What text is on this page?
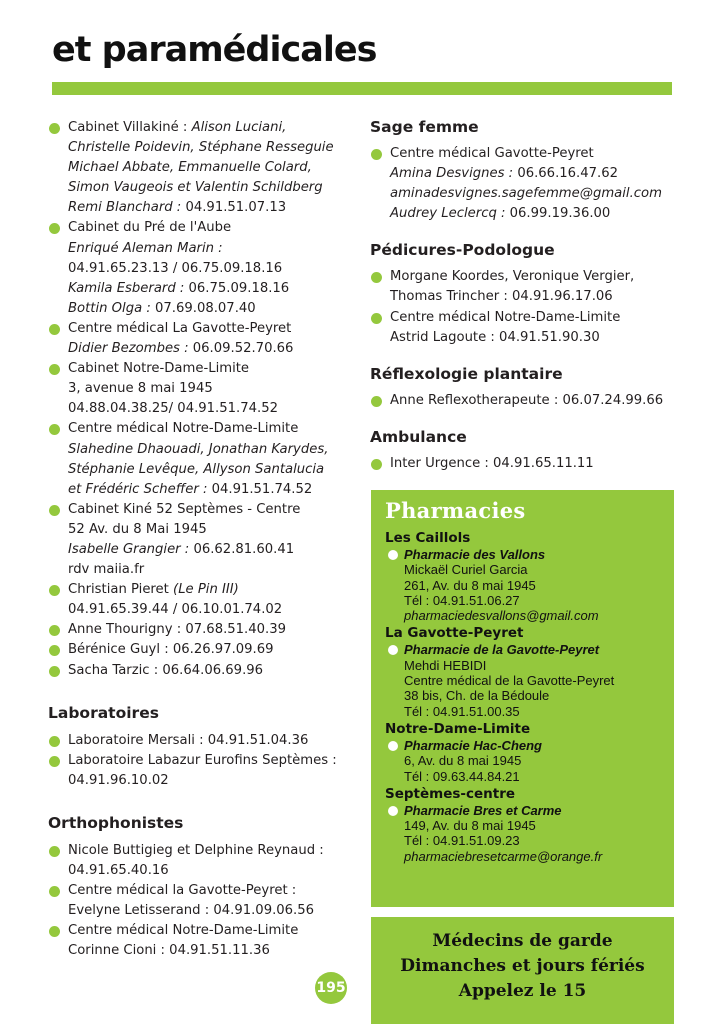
et paramédicales
Cabinet Villakiné : Alison Luciani,
Christelle Poidevin, Stéphane Resseguie
Michael Abbate, Emmanuelle Colard,
Simon Vaugeois et Valentin Schildberg
Remi Blanchard : 04.91.51.07.13
Cabinet du Pré de l'Aube
Enriqué Aleman Marin :
04.91.65.23.13 / 06.75.09.18.16
Kamila Esberard : 06.75.09.18.16
Bottin Olga : 07.69.08.07.40
Centre médical La Gavotte-Peyret
Didier Bezombes : 06.09.52.70.66
Cabinet Notre-Dame-Limite
3, avenue 8 mai 1945
04.88.04.38.25/ 04.91.51.74.52
Centre médical Notre-Dame-Limite
Slahedine Dhaouadi, Jonathan Karydes,
Stéphanie Levêque, Allyson Santalucia
et Frédéric Scheffer : 04.91.51.74.52
Cabinet Kiné 52 Septèmes - Centre
52 Av. du 8 Mai 1945
Isabelle Grangier : 06.62.81.60.41
rdv maiia.fr
Christian Pieret (Le Pin III)
04.91.65.39.44 / 06.10.01.74.02
Anne Thourigny : 07.68.51.40.39
Bérénice Guyl : 06.26.97.09.69
Sacha Tarzic : 06.64.06.69.96
Laboratoires
Laboratoire Mersali : 04.91.51.04.36
Laboratoire Labazur Eurofins Septèmes :
04.91.96.10.02
Orthophonistes
Nicole Buttigieg et Delphine Reynaud :
04.91.65.40.16
Centre médical la Gavotte-Peyret :
Evelyne Letisserand : 04.91.09.06.56
Centre médical Notre-Dame-Limite
Corinne Cioni : 04.91.51.11.36
Sage femme
Centre médical Gavotte-Peyret
Amina Desvignes : 06.66.16.47.62
aminadesvignes.sagefemme@gmail.com
Audrey Leclercq : 06.99.19.36.00
Pédicures-Podologue
Morgane Koordes, Veronique Vergier,
Thomas Trincher : 04.91.96.17.06
Centre médical Notre-Dame-Limite
Astrid Lagoute : 04.91.51.90.30
Réflexologie plantaire
Anne Reflexotherapeute : 06.07.24.99.66
Ambulance
Inter Urgence : 04.91.65.11.11
Pharmacies
Les Caillols
Pharmacie des Vallons
Mickaël Curiel Garcia
261, Av. du 8 mai 1945
Tél : 04.91.51.06.27
pharmaciedesvallons@gmail.com
La Gavotte-Peyret
Pharmacie de la Gavotte-Peyret
Mehdi HEBIDI
Centre médical de la Gavotte-Peyret
38 bis, Ch. de la Bédoule
Tél : 04.91.51.00.35
Notre-Dame-Limite
Pharmacie Hac-Cheng
6, Av. du 8 mai 1945
Tél : 09.63.44.84.21
Septèmes-centre
Pharmacie Bres et Carme
149, Av. du 8 mai 1945
Tél : 04.91.51.09.23
pharmaciebresetcarme@orange.fr
Médecins de garde
Dimanches et jours fériés
Appelez le 15
195
